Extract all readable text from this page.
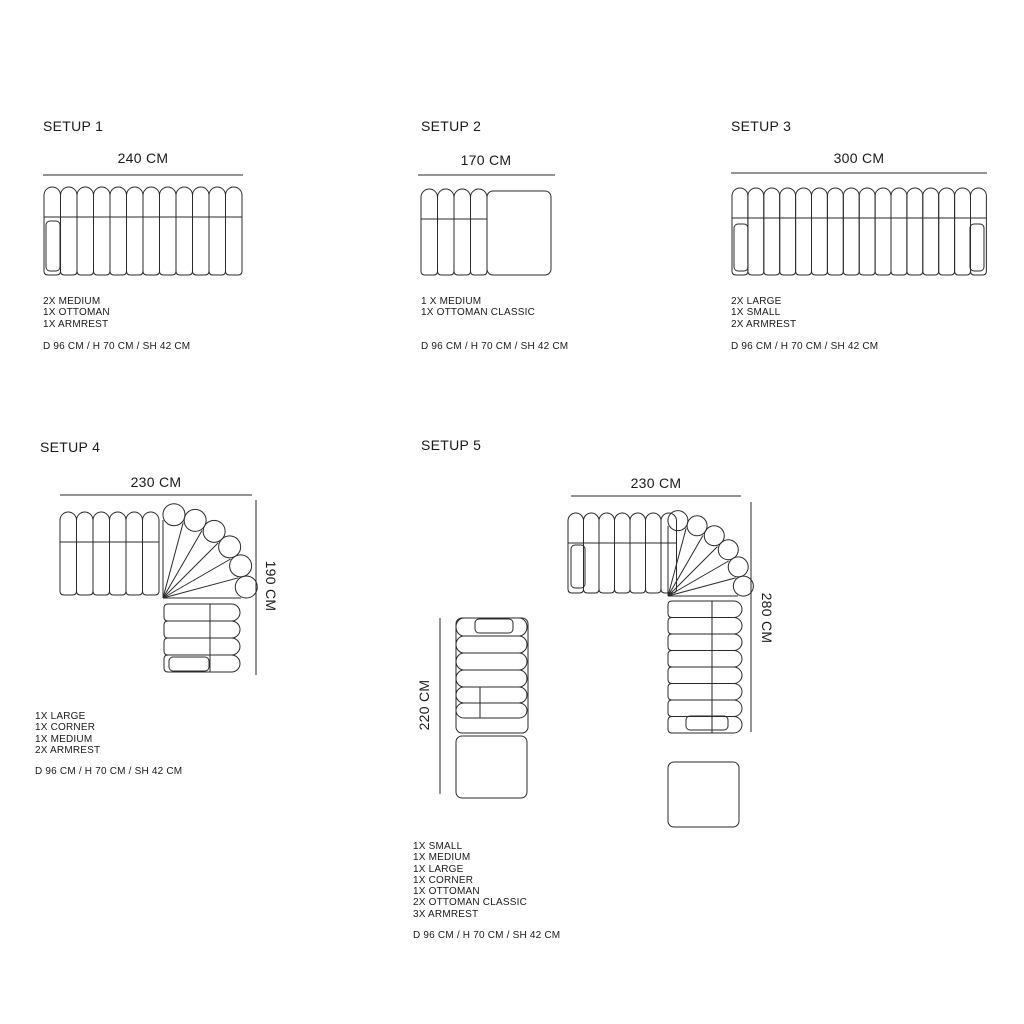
SETUP 1
240 CM
2X MEDIUM
1X OTTOMAN
1X ARMREST
D 96 CM / H 70 CM / SH 42 CM
SETUP 2
170 CM
1 X MEDIUM
1X OTTOMAN CLASSIC
D 96 CM / H 70 CM / SH 42 CM
SETUP 3
300 CM
2X LARGE
1X SMALL
2X ARMREST
D 96 CM / H 70 CM / SH 42 CM
SETUP 4
230 CM
190 CM
1X LARGE
1X CORNER
1X MEDIUM
2X ARMREST
D 96 CM / H 70 CM / SH 42 CM
SETUP 5
230 CM
280 CM
220 CM
1X SMALL
1X MEDIUM
1X LARGE
1X CORNER
1X OTTOMAN
2X OTTOMAN CLASSIC
3X ARMREST
D 96 CM / H 70 CM / SH 42 CM
